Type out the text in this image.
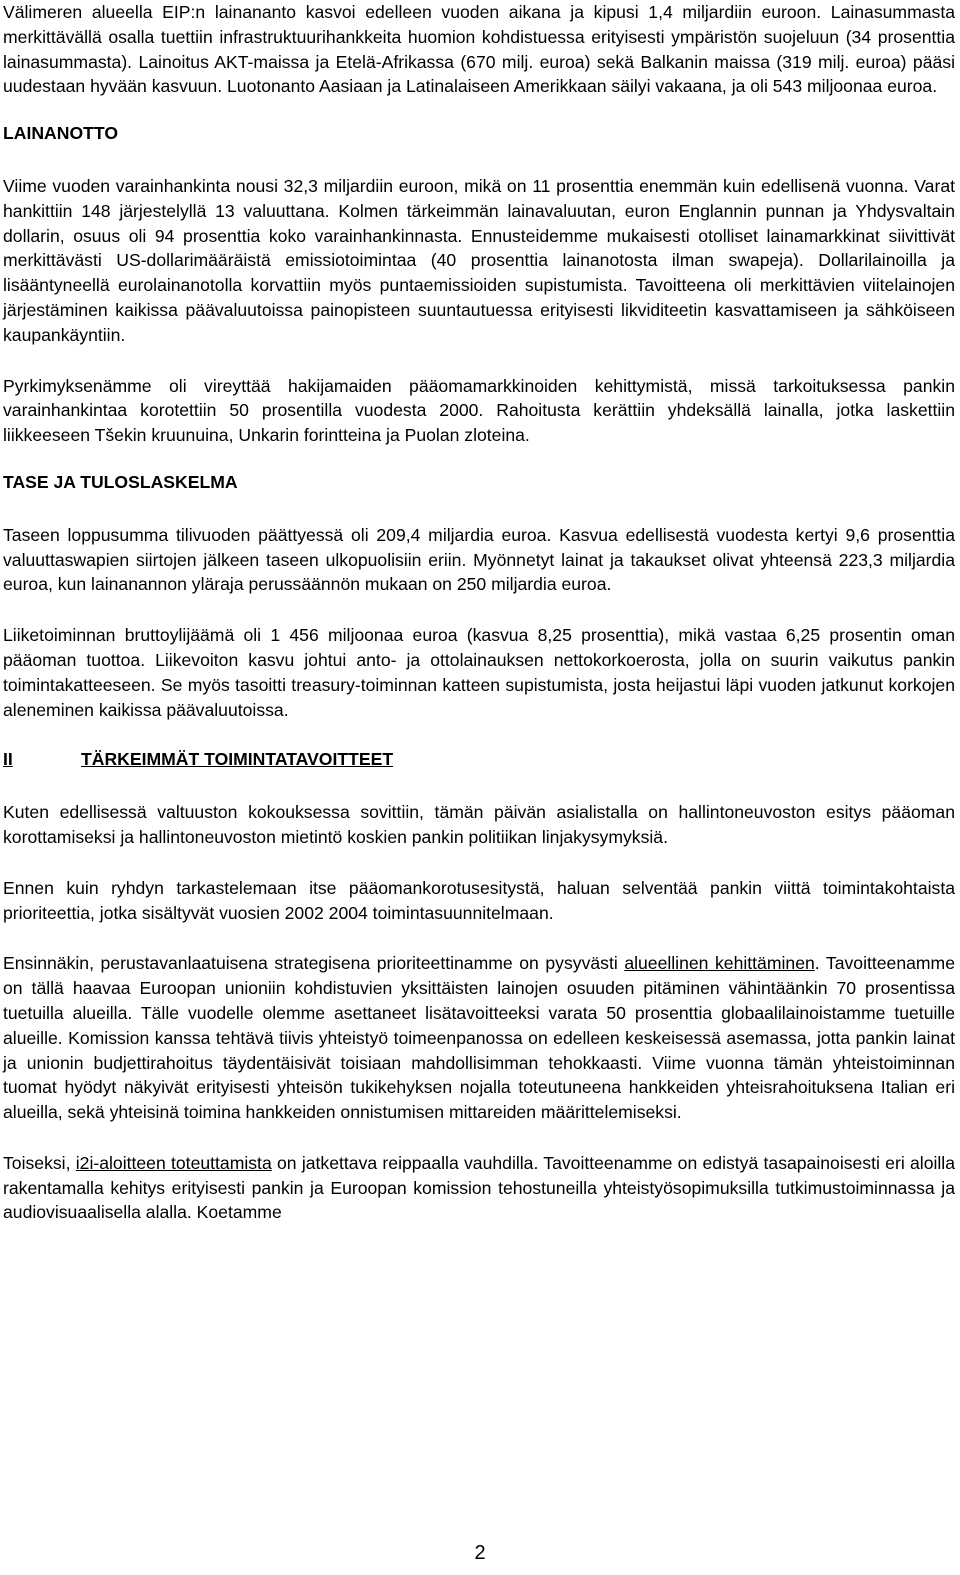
Välimeren alueella EIP:n lainananto kasvoi edelleen vuoden aikana ja kipusi 1,4 miljardiin euroon. Lainasummasta merkittävällä osalla tuettiin infrastruktuurihankkeita huomion kohdistuessa erityisesti ympäristön suojeluun (34 prosenttia lainasummasta). Lainoitus AKT-maissa ja Etelä-Afrikassa (670 milj. euroa) sekä Balkanin maissa (319 milj. euroa) pääsi uudestaan hyvään kasvuun. Luotonanto Aasiaan ja Latinalaiseen Amerikkaan säilyi vakaana, ja oli 543 miljoonaa euroa.

LAINANOTTO

Viime vuoden varainhankinta nousi 32,3 miljardiin euroon, mikä on 11 prosenttia enemmän kuin edellisenä vuonna. Varat hankittiin 148 järjestelyllä 13 valuuttana. Kolmen tärkeimmän lainavaluutan, euron Englannin punnan ja Yhdysvaltain dollarin, osuus oli 94 prosenttia koko varainhankinnasta. Ennusteidemme mukaisesti otolliset lainamarkkinat siivittivät merkittävästi US-dollarimääräistä emissiotoimintaa (40 prosenttia lainanotosta ilman swapeja). Dollarilainoilla ja lisääntyneellä eurolainanotolla korvattiin myös puntaemissioiden supistumista. Tavoitteena oli merkittävien viitelainojen järjestäminen kaikissa päävaluutoissa painopisteen suuntautuessa erityisesti likviditeetin kasvattamiseen ja sähköiseen kaupankäyntiin.

Pyrkimyksenämme oli vireyttää hakijamaiden pääomamarkkinoiden kehittymistä, missä tarkoituksessa pankin varainhankintaa korotettiin 50 prosentilla vuodesta 2000. Rahoitusta kerättiin yhdeksällä lainalla, jotka laskettiin liikkeeseen Tšekin kruunuina, Unkarin forintteina ja Puolan zloteina.

TASE JA TULOSLASKELMA

Taseen loppusumma tilivuoden päättyessä oli 209,4 miljardia euroa. Kasvua edellisestä vuodesta kertyi 9,6 prosenttia valuuttaswapien siirtojen jälkeen taseen ulkopuolisiin eriin. Myönnetyt lainat ja takaukset olivat yhteensä 223,3 miljardia euroa, kun lainanannon yläraja perussäännön mukaan on 250 miljardia euroa.

Liiketoiminnan bruttoylijäämä oli 1 456 miljoonaa euroa (kasvua 8,25 prosenttia), mikä vastaa 6,25 prosentin oman pääoman tuottoa. Liikevoiton kasvu johtui anto- ja ottolainauksen nettokorkoerosta, jolla on suurin vaikutus pankin toimintakatteeseen. Se myös tasoitti treasury-toiminnan katteen supistumista, josta heijastui läpi vuoden jatkunut korkojen aleneminen kaikissa päävaluutoissa.

II	TÄRKEIMMÄT TOIMINTATAVOITTEET

Kuten edellisessä valtuuston kokouksessa sovittiin, tämän päivän asialistalla on hallintoneuvoston esitys pääoman korottamiseksi ja hallintoneuvoston mietintö koskien pankin politiikan linjakysymyksiä.

Ennen kuin ryhdyn tarkastelemaan itse pääomankorotusesitystä, haluan selventää pankin viittä toimintakohtaista prioriteettia, jotka sisältyvät vuosien 2002 2004 toimintasuunnitelmaan.

Ensinnäkin, perustavanlaatuisena strategisena prioriteettinamme on pysyvästi alueellinen kehittäminen. Tavoitteenamme on tällä haavaa Euroopan unioniin kohdistuvien yksittäisten lainojen osuuden pitäminen vähintäänkin 70 prosentissa tuetuilla alueilla. Tälle vuodelle olemme asettaneet lisätavoitteeksi varata 50 prosenttia globaalilainoistamme tuetuille alueille. Komission kanssa tehtävä tiivis yhteistyö toimeenpanossa on edelleen keskeisessä asemassa, jotta pankin lainat ja unionin budjettirahoitus täydentäisivät toisiaan mahdollisimman tehokkaasti. Viime vuonna tämän yhteistoiminnan tuomat hyödyt näkyivät erityisesti yhteisön tukikehyksen nojalla toteutuneena hankkeiden yhteisrahoituksena Italian eri alueilla, sekä yhteisinä toimina hankkeiden onnistumisen mittareiden määrittelemiseksi.

Toiseksi, i2i-aloitteen toteuttamista on jatkettava reippaalla vauhdilla. Tavoitteenamme on edistyä tasapainoisesti eri aloilla rakentamalla kehitys erityisesti pankin ja Euroopan komission tehostuneilla yhteistyösopimuksilla tutkimustoiminnassa ja audiovisuaalisella alalla. Koetamme

2
